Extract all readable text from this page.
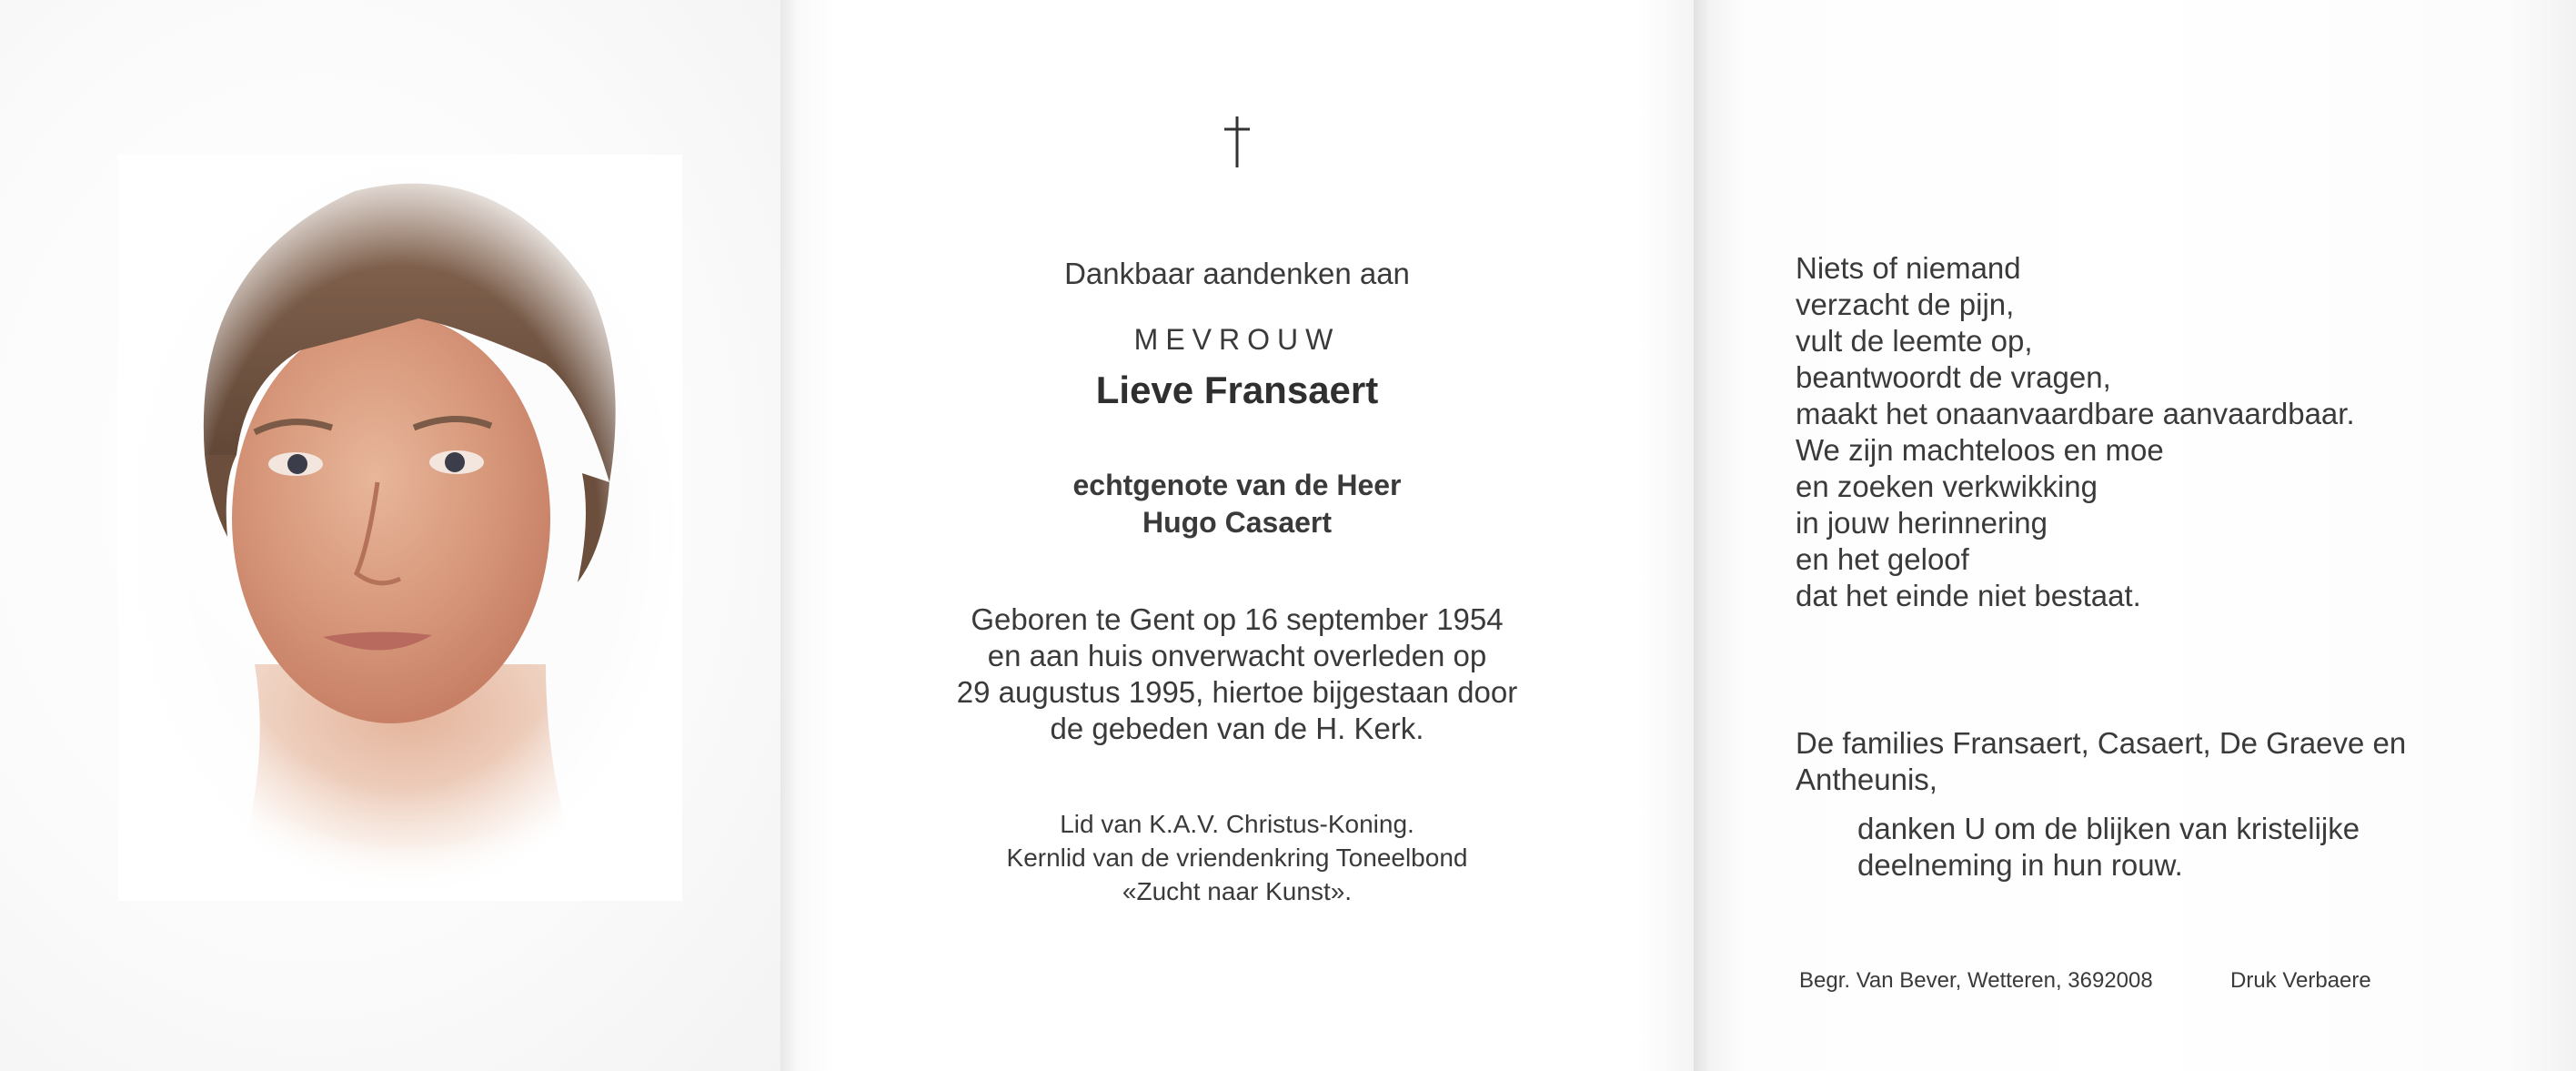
Dankbaar aandenken aan
MEVROUW
Lieve Fransaert
echtgenote van de Heer
Hugo Casaert
Geboren te Gent op 16 september 1954
en aan huis onverwacht overleden op
29 augustus 1995, hiertoe bijgestaan door
de gebeden van de H. Kerk.
Lid van K.A.V. Christus-Koning.
Kernlid van de vriendenkring Toneelbond
«Zucht naar Kunst».
Niets of niemand
verzacht de pijn,
vult de leemte op,
beantwoordt de vragen,
maakt het onaanvaardbare aanvaardbaar.
We zijn machteloos en moe
en zoeken verkwikking
in jouw herinnering
en het geloof
dat het einde niet bestaat.
De families Fransaert, Casaert, De Graeve en
Antheunis,
danken U om de blijken van kristelijke
deelneming in hun rouw.
Begr. Van Bever, Wetteren, 3692008	Druk Verbaere
